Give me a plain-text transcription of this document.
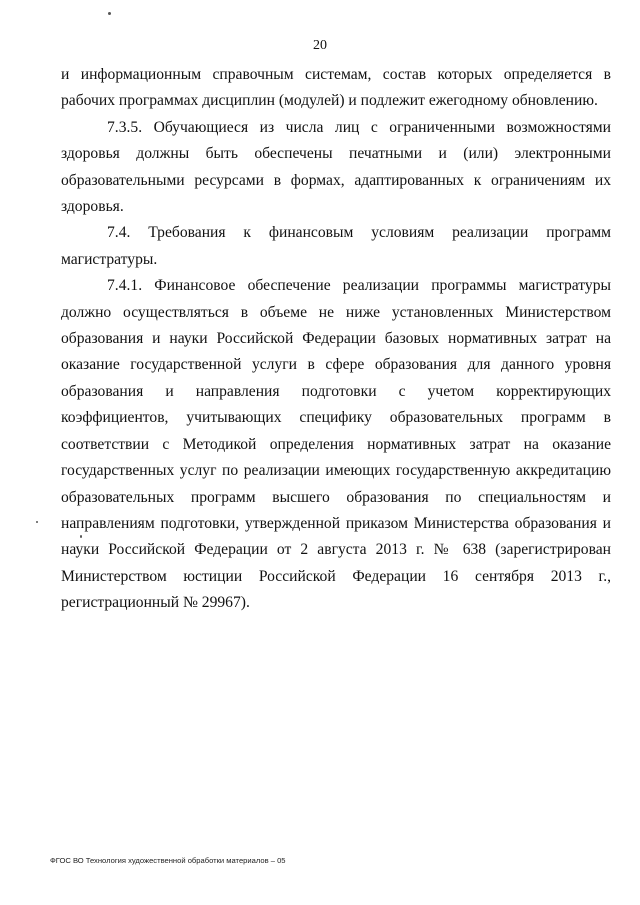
20

и информационным справочным системам, состав которых определяется в рабочих программах дисциплин (модулей) и подлежит ежегодному обновлению.

7.3.5. Обучающиеся из числа лиц с ограниченными возможностями здоровья должны быть обеспечены печатными и (или) электронными образовательными ресурсами в формах, адаптированных к ограничениям их здоровья.

7.4. Требования к финансовым условиям реализации программ магистратуры.

7.4.1. Финансовое обеспечение реализации программы магистратуры должно осуществляться в объеме не ниже установленных Министерством образования и науки Российской Федерации базовых нормативных затрат на оказание государственной услуги в сфере образования для данного уровня образования и направления подготовки с учетом корректирующих коэффициентов, учитывающих специфику образовательных программ в соответствии с Методикой определения нормативных затрат на оказание государственных услуг по реализации имеющих государственную аккредитацию образовательных программ высшего образования по специальностям и направлениям подготовки, утвержденной приказом Министерства образования и науки Российской Федерации от 2 августа 2013 г. № 638 (зарегистрирован Министерством юстиции Российской Федерации 16 сентября 2013 г., регистрационный № 29967).

ФГОС ВО Технология художественной обработки материалов – 05
